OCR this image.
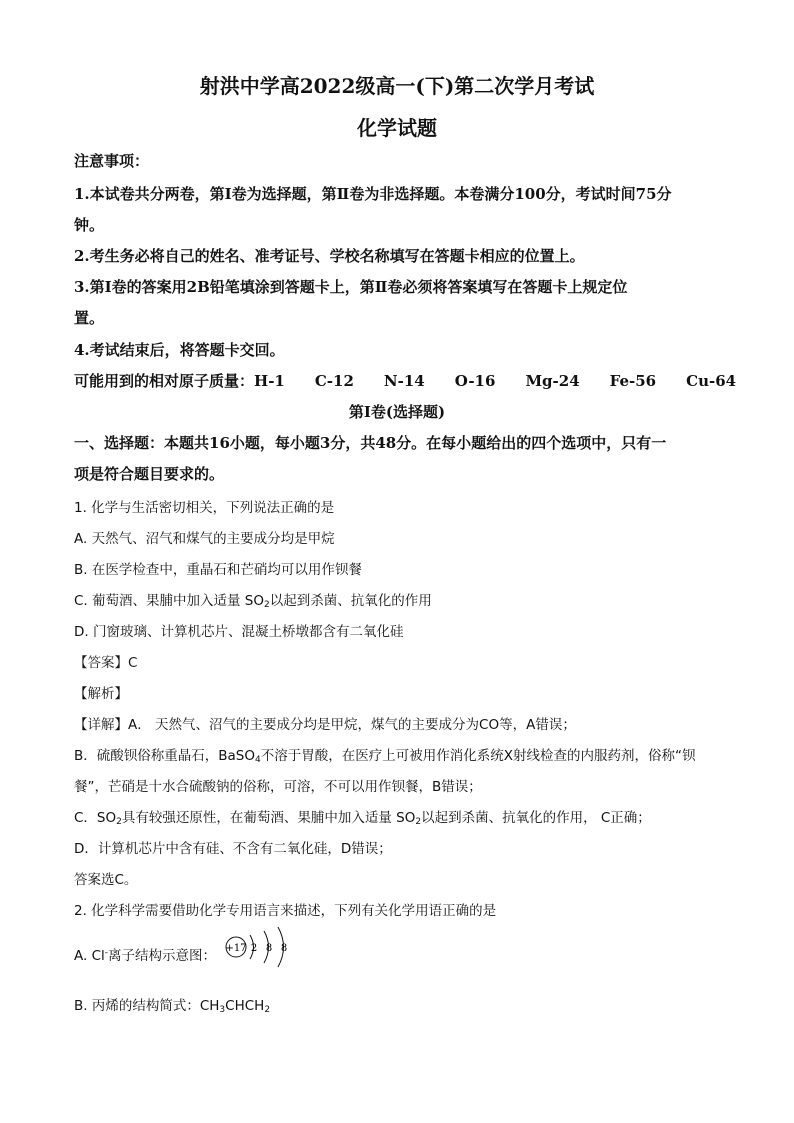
射洪中学高2022级高一(下)第二次学月考试
化学试题
注意事项：
1.本试卷共分两卷，第Ⅰ卷为选择题，第Ⅱ卷为非选择题。本卷满分100分，考试时间75分
钟。
2.考生务必将自己的姓名、准考证号、学校名称填写在答题卡相应的位置上。
3.第Ⅰ卷的答案用2B铅笔填涂到答题卡上，第Ⅱ卷必须将答案填写在答题卡上规定位
置。
4.考试结束后，将答题卡交回。
可能用到的相对原子质量：H-1 C-12 N-14 O-16 Mg-24 Fe-56 Cu-64
第Ⅰ卷(选择题)
一、选择题：本题共16小题，每小题3分，共48分。在每小题给出的四个选项中，只有一
项是符合题目要求的。
1. 化学与生活密切相关，下列说法正确的是
A. 天然气、沼气和煤气的主要成分均是甲烷
B. 在医学检查中，重晶石和芒硝均可以用作钡餐
C. 葡萄酒、果脯中加入适量 $SO_2$以起到杀菌、抗氧化的作用
D. 门窗玻璃、计算机芯片、混凝土桥墩都含有二氧化硅
【答案】C
【解析】
【详解】A． 天然气、沼气的主要成分均是甲烷，煤气的主要成分为CO等，A错误；
B．硫酸钡俗称重晶石，BaSO$_4$不溶于胃酸，在医疗上可被用作消化系统X射线检查的内服药剂，俗称“钡
餐”，芒硝是十水合硫酸钠的俗称，可溶，不可以用作钡餐，B错误；
C．$SO_2$具有较强还原性，在葡萄酒、果脯中加入适量 $SO_2$以起到杀菌、抗氧化的作用， C正确；
D．计算机芯片中含有硅、不含有二氧化硅，D错误；
答案选C。
2. 化学科学需要借助化学专用语言来描述，下列有关化学用语正确的是
A. Cl-离子结构示意图： +17 2 8 8
B. 丙烯的结构简式：$CH_3CHCH_2$
